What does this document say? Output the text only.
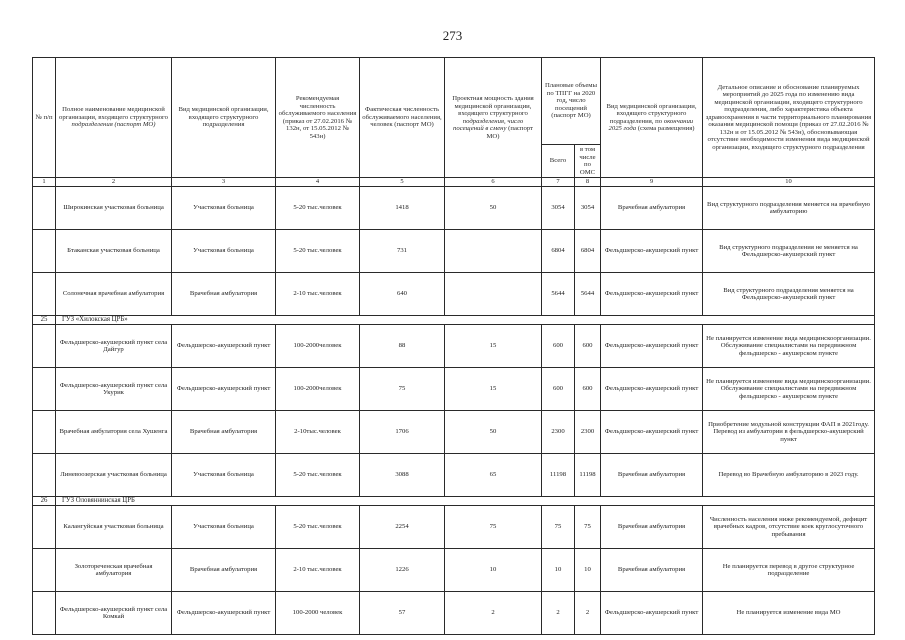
273
№ п/п	Полное наименование медицинской организации, входящего структурного подразделения (паспорт МО)	Вид медицинской организации, входящего структурного подразделения	Рекомендуемая численность обслуживаемого населения (приказ от 27.02.2016 № 132н, от 15.05.2012 № 543н)	Фактическая численность обслуживаемого населения, человек (паспорт МО)	Проектная мощность здания медицинской организации, входящего структурного подразделения, число посещений в смену (паспорт МО)	Плановые объемы по ТПГГ на 2020 год, число посещений (паспорт МО)		Вид медицинской организации, входящего структурного подразделения, по окончании 2025 года (схема размещения)	Детальное описание и обоснование планируемых мероприятий до 2025 года по изменению вида медицинской организации, входящего структурного подразделения, либо характеристика объекта здравоохранения в части территориального планирования оказания медицинской помощи (приказ от 27.02.2016 № 132н и от 15.05.2012 № 543н), обосновывающая отсутствие необходимости изменения вида медицинской организации, входящего структурного подразделения
						Всего	в том числе по ОМС		
1	2	3	4	5	6	7	8	9	10
	Широкинская участковая больница	Участковая больница	5-20 тыс.человек	1418	50	3054	3054	Врачебная амбулатория	Вид структурного подразделения меняется на врачебную амбулаторию
	Бтаканская участковая больница	Участковая больница	5-20 тыс.человек	731		6804	6804	Фельдшерско-акушерский пункт	Вид структурного подразделения не меняется на Фельдшерско-акушерский пункт
	Солонечная врачебная амбулатория	Врачебная амбулатория	2-10 тыс.человек	640		5644	5644	Фельдшерско-акушерский пункт	Вид структурного подразделения меняется на Фельдшерско-акушерский пункт
25	ГУЗ «Хилокская ЦРБ»								
	Фельдшерско-акушерский пункт села Дайгур	Фельдшерско-акушерский пункт	100-2000человек	88	15	600	600	Фельдшерско-акушерский пункт	Не планируется изменение вида медицинскоорганизации. Обслуживание специалистами на передвижном фельдшерско - акушерском пункте
	Фельдшерско-акушерский пункт села Укурик	Фельдшерско-акушерский пункт	100-2000человек	75	15	600	600	Фельдшерско-акушерский пункт	Не планируется изменение вида медицинскоорганизации. Обслуживание специалистами на передвижном фельдшерско - акушерском пункте
	Врачебная амбулатория села Хушенга	Врачебная амбулатория	2-10тыс.человек	1706	50	2300	2300	Фельдшерско-акушерский пункт	Приобретение модульной конструкции ФАП в 2021году. Перевод из амбулатории в фельдшерско-акушерский пункт
	Линевоозерская участковая больница	Участковая больница	5-20 тыс.человек	3088	65	11198	11198	Врачебная амбулатория	Перевод во Врачебную амбулаторию в 2023 году.
26	ГУЗ Оловяннинская ЦРБ								
	Калангуйская участковая больница	Участковая больница	5-20 тыс.человек	2254	75	75	75	Врачебная амбулатория	Численность населения ниже рекомендуемой, дефицит врачебных кадров, отсутствие коек круглосуточного пребывания
	Золотореченская врачебная амбулатория	Врачебная амбулатория	2-10 тыс.человек	1226	10	10	10	Врачебная амбулатория	Не планируется перевод в другое структурное подразделение
	Фельдшерско-акушерский пункт села Комкай	Фельдшерско-акушерский пункт	100-2000 человек	57	2	2	2	Фельдшерско-акушерский пункт	Не планируется изменение вида МО
